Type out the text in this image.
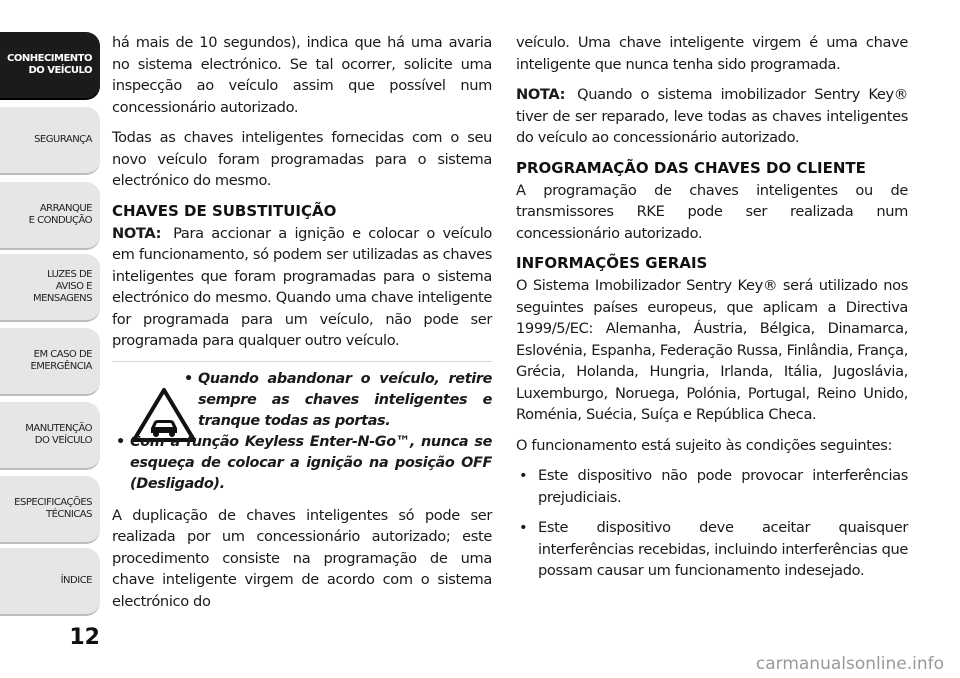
CONHECIMENTO
DO VEÍCULO
SEGURANÇA
ARRANQUE
E CONDUÇÃO
LUZES DE
AVISO E
MENSAGENS
EM CASO DE
EMERGÊNCIA
MANUTENÇÃO
DO VEÍCULO
ESPECIFICAÇÕES
TÉCNICAS
ÍNDICE
12

há mais de 10 segundos), indica que há uma avaria no sistema electrónico. Se tal ocorrer, solicite uma inspecção ao veículo assim que possível num concessionário autorizado.

Todas as chaves inteligentes fornecidas com o seu novo veículo foram programadas para o sistema electrónico do mesmo.

CHAVES DE SUBSTITUIÇÃO

NOTA: Para accionar a ignição e colocar o veículo em funcionamento, só podem ser utilizadas as chaves inteligentes que foram programadas para o sistema electrónico do mesmo. Quando uma chave inteligente for programada para um veículo, não pode ser programada para qualquer outro veículo.

• Quando abandonar o veículo, retire sempre as chaves inteligentes e tranque todas as portas.
• Com a função Keyless Enter-N-Go™, nunca se esqueça de colocar a ignição na posição OFF (Desligado).

A duplicação de chaves inteligentes só pode ser realizada por um concessionário autorizado; este procedimento consiste na programação de uma chave inteligente virgem de acordo com o sistema electrónico do

veículo. Uma chave inteligente virgem é uma chave inteligente que nunca tenha sido programada.

NOTA: Quando o sistema imobilizador Sentry Key® tiver de ser reparado, leve todas as chaves inteligentes do veículo ao concessionário autorizado.

PROGRAMAÇÃO DAS CHAVES DO CLIENTE

A programação de chaves inteligentes ou de transmissores RKE pode ser realizada num concessionário autorizado.

INFORMAÇÕES GERAIS

O Sistema Imobilizador Sentry Key® será utilizado nos seguintes países europeus, que aplicam a Directiva 1999/5/EC: Alemanha, Áustria, Bélgica, Dinamarca, Eslovénia, Espanha, Federação Russa, Finlândia, França, Grécia, Holanda, Hungria, Irlanda, Itália, Jugoslávia, Luxemburgo, Noruega, Polónia, Portugal, Reino Unido, Roménia, Suécia, Suíça e República Checa.

O funcionamento está sujeito às condições seguintes:

• Este dispositivo não pode provocar interferências prejudiciais.
• Este dispositivo deve aceitar quaisquer interferências recebidas, incluindo interferências que possam causar um funcionamento indesejado.
carmanualsonline.info
